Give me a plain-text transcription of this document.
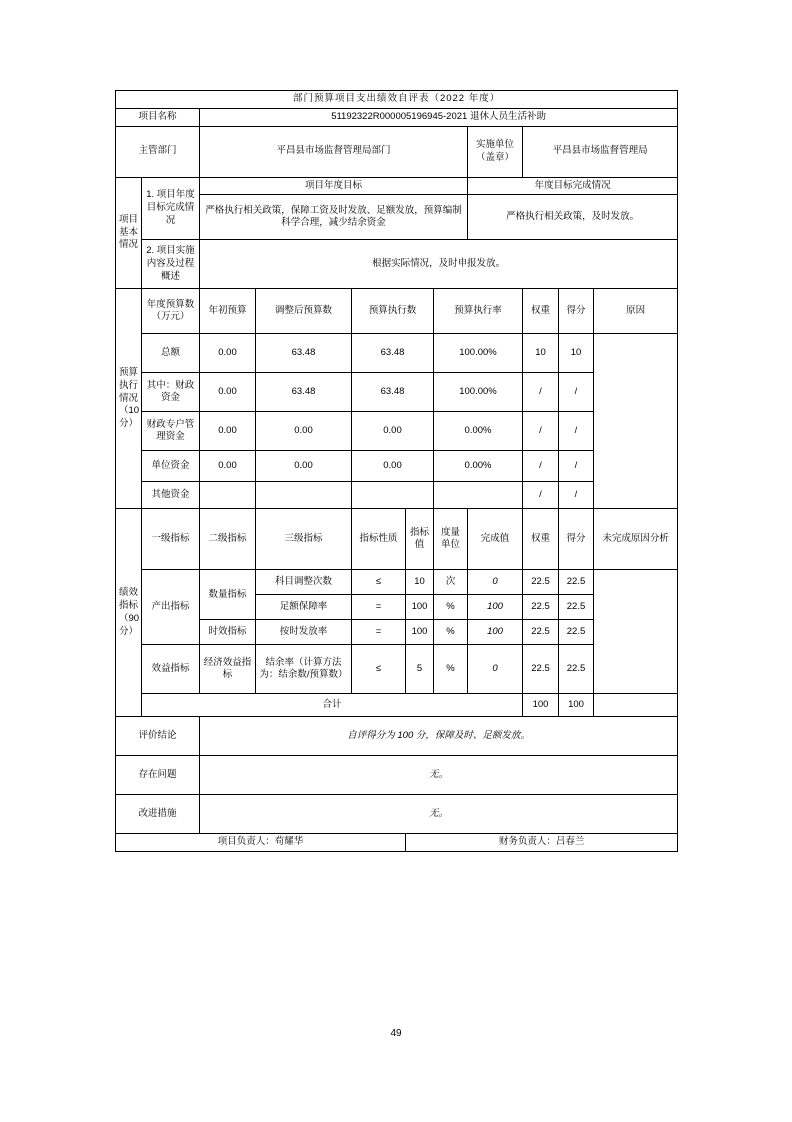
部门预算项目支出绩效自评表（2022 年度）										
项目名称		51192322R000005196945-2021 退休人员生活补助								
主管部门		平昌县市场监督管理局部门					实施单位 （盖章）	平昌县市场监督管理局		
项目基本情况	1. 项目年度目标完成情况	项目年度目标					年度目标完成情况			
		严格执行相关政策，保障工资及时发放、足额发放，预算编制科学合理，减少结余资金					严格执行相关政策，及时发放。			
	2. 项目实施内容及过程概述	根据实际情况，及时申报发放。								
预算执行情况（10 分）	年度预算数（万元）	年初预算	调整后预算数	预算执行数		预算执行率		权重	得分	原因
	总额	0.00	63.48	63.48		100.00%		10	10	
	其中：财政资金	0.00	63.48	63.48		100.00%		/	/	
	财政专户管理资金	0.00	0.00	0.00		0.00%		/	/	
	单位资金	0.00	0.00	0.00		0.00%		/	/	
	其他资金							/	/	
绩效指标（90 分）	一级指标	二级指标	三级指标	指标性质	指标值	度量单位	完成值	权重	得分	未完成原因分析
	产出指标	数量指标	科目调整次数	≤	10	次	0	22.5	22.5	
			足额保障率	=	100	%	100	22.5	22.5	
		时效指标	按时发放率	=	100	%	100	22.5	22.5	
	效益指标	经济效益指标	结余率（计算方法为：结余数/预算数）	≤	5	%	0	22.5	22.5	
	合计							100	100	
评价结论		自评得分为 100 分，保障及时、足额发放。								
存在问题		无。								
改进措施		无。								
项目负责人：苟耀华					财务负责人：吕春兰					
49
